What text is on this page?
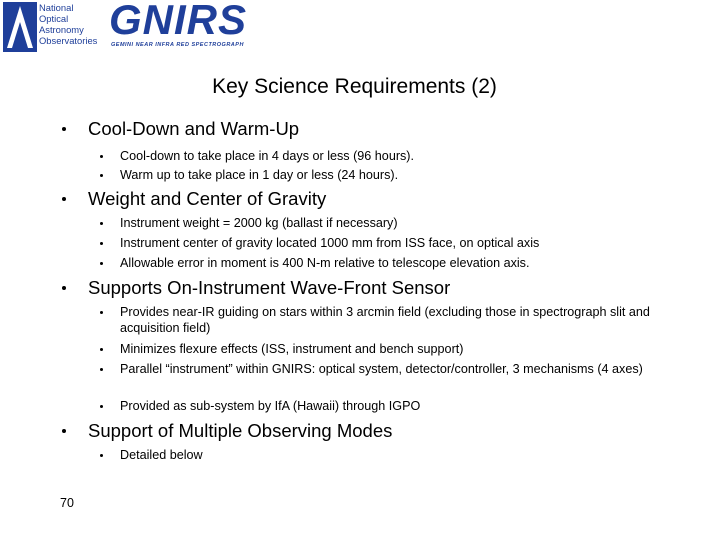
National
Optical
Astronomy
Observatories GNIRS
GEMINI NEAR INFRA RED SPECTROGRAPH
Key Science Requirements (2)
Cool-Down and Warm-Up
Cool-down to take place in 4 days or less (96 hours).
Warm up to take place in 1 day or less (24 hours).
Weight and Center of Gravity
Instrument weight = 2000 kg (ballast if necessary)
Instrument center of gravity located 1000 mm from ISS face, on optical axis
Allowable error in moment is 400 N-m relative to telescope elevation axis.
Supports On-Instrument Wave-Front Sensor
Provides near-IR guiding on stars within 3 arcmin field (excluding those in spectrograph slit and acquisition field)
Minimizes flexure effects (ISS, instrument and bench support)
Parallel “instrument” within GNIRS: optical system, detector/controller, 3 mechanisms (4 axes)
Provided as sub-system by IfA (Hawaii) through IGPO
Support of Multiple Observing Modes
Detailed below
70
